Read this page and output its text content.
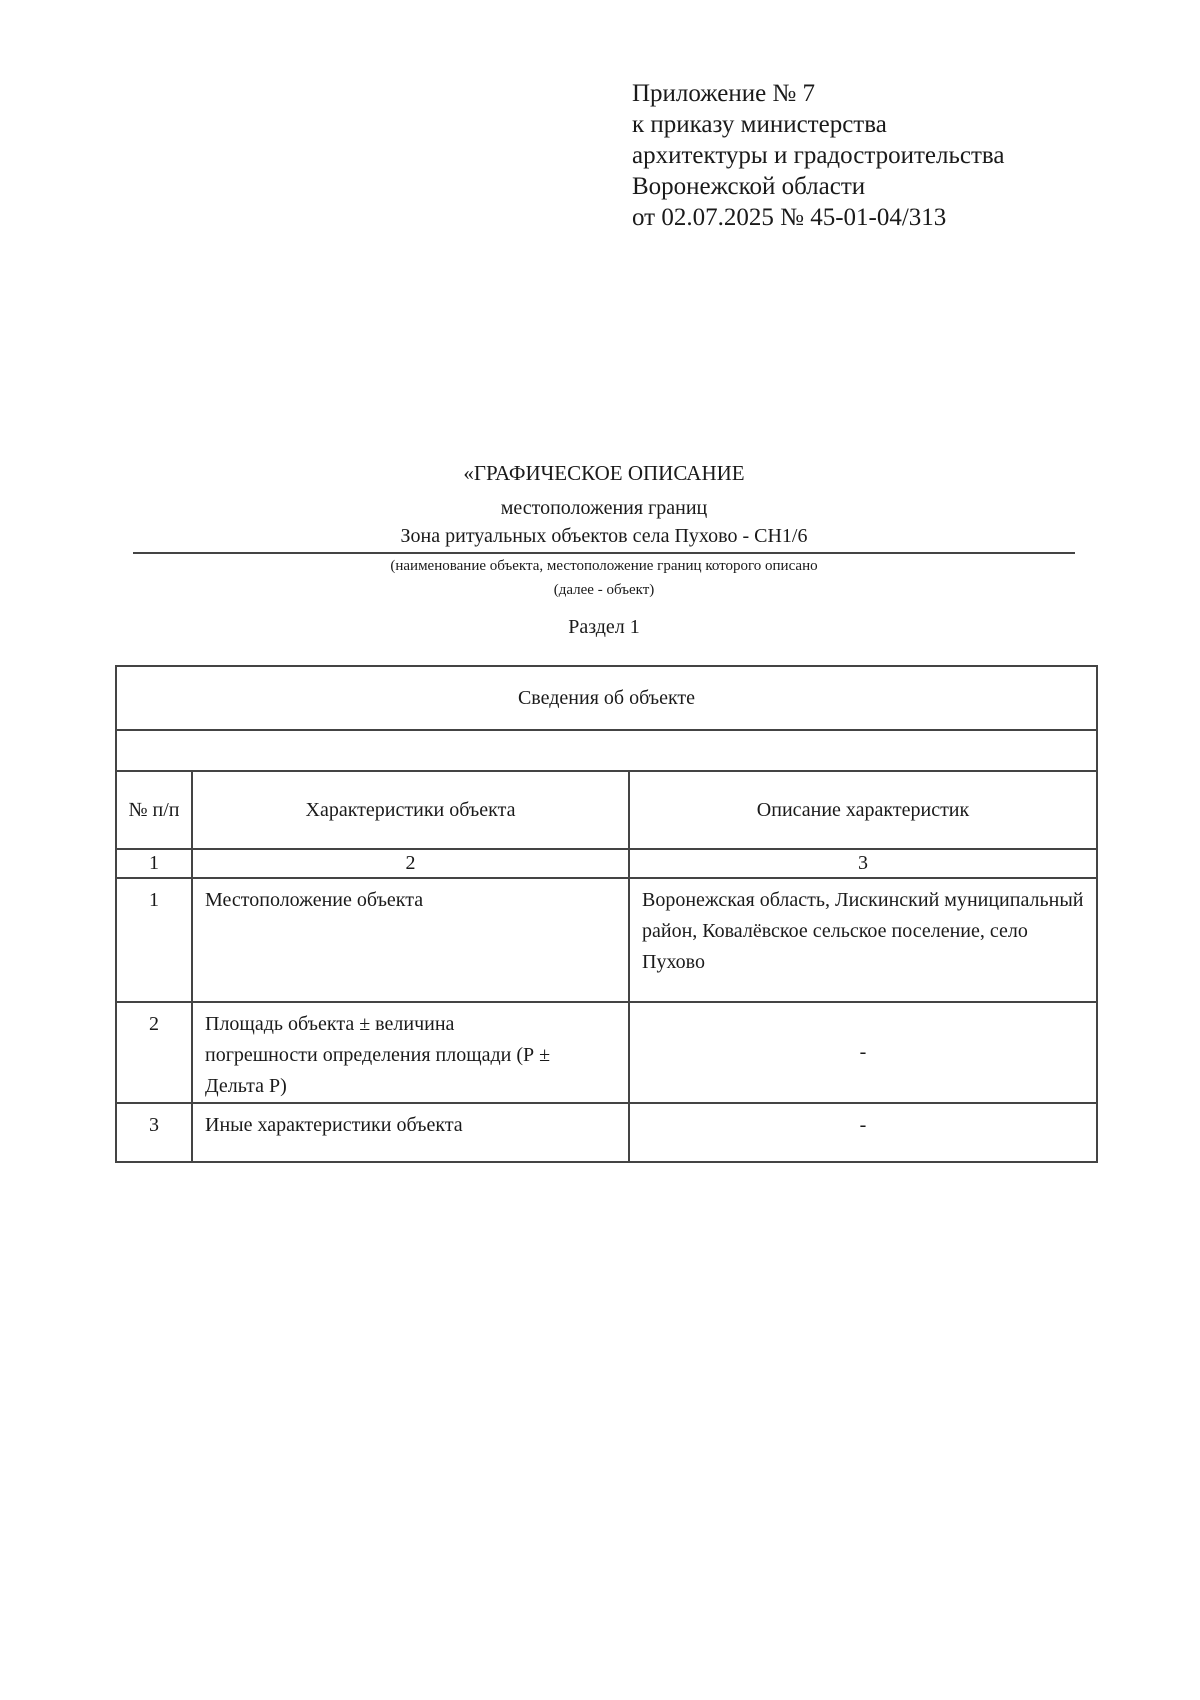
Приложение № 7
к приказу министерства
архитектуры и градостроительства
Воронежской области
от 02.07.2025 № 45-01-04/313
«ГРАФИЧЕСКОЕ ОПИСАНИЕ
местоположения границ
Зона ритуальных объектов села Пухово - СН1/6
(наименование объекта, местоположение границ которого описано
(далее - объект)
Раздел 1
Сведения об объекте		

№ п/п	Характеристики объекта	Описание характеристик
1	2	3
1	Местоположение объекта	Воронежская область, Лискинский муниципальный район, Ковалёвское сельское поселение, село Пухово
2	Площадь объекта ± величина погрешности определения площади (Р ± Дельта Р)	-
3	Иные характеристики объекта	-
